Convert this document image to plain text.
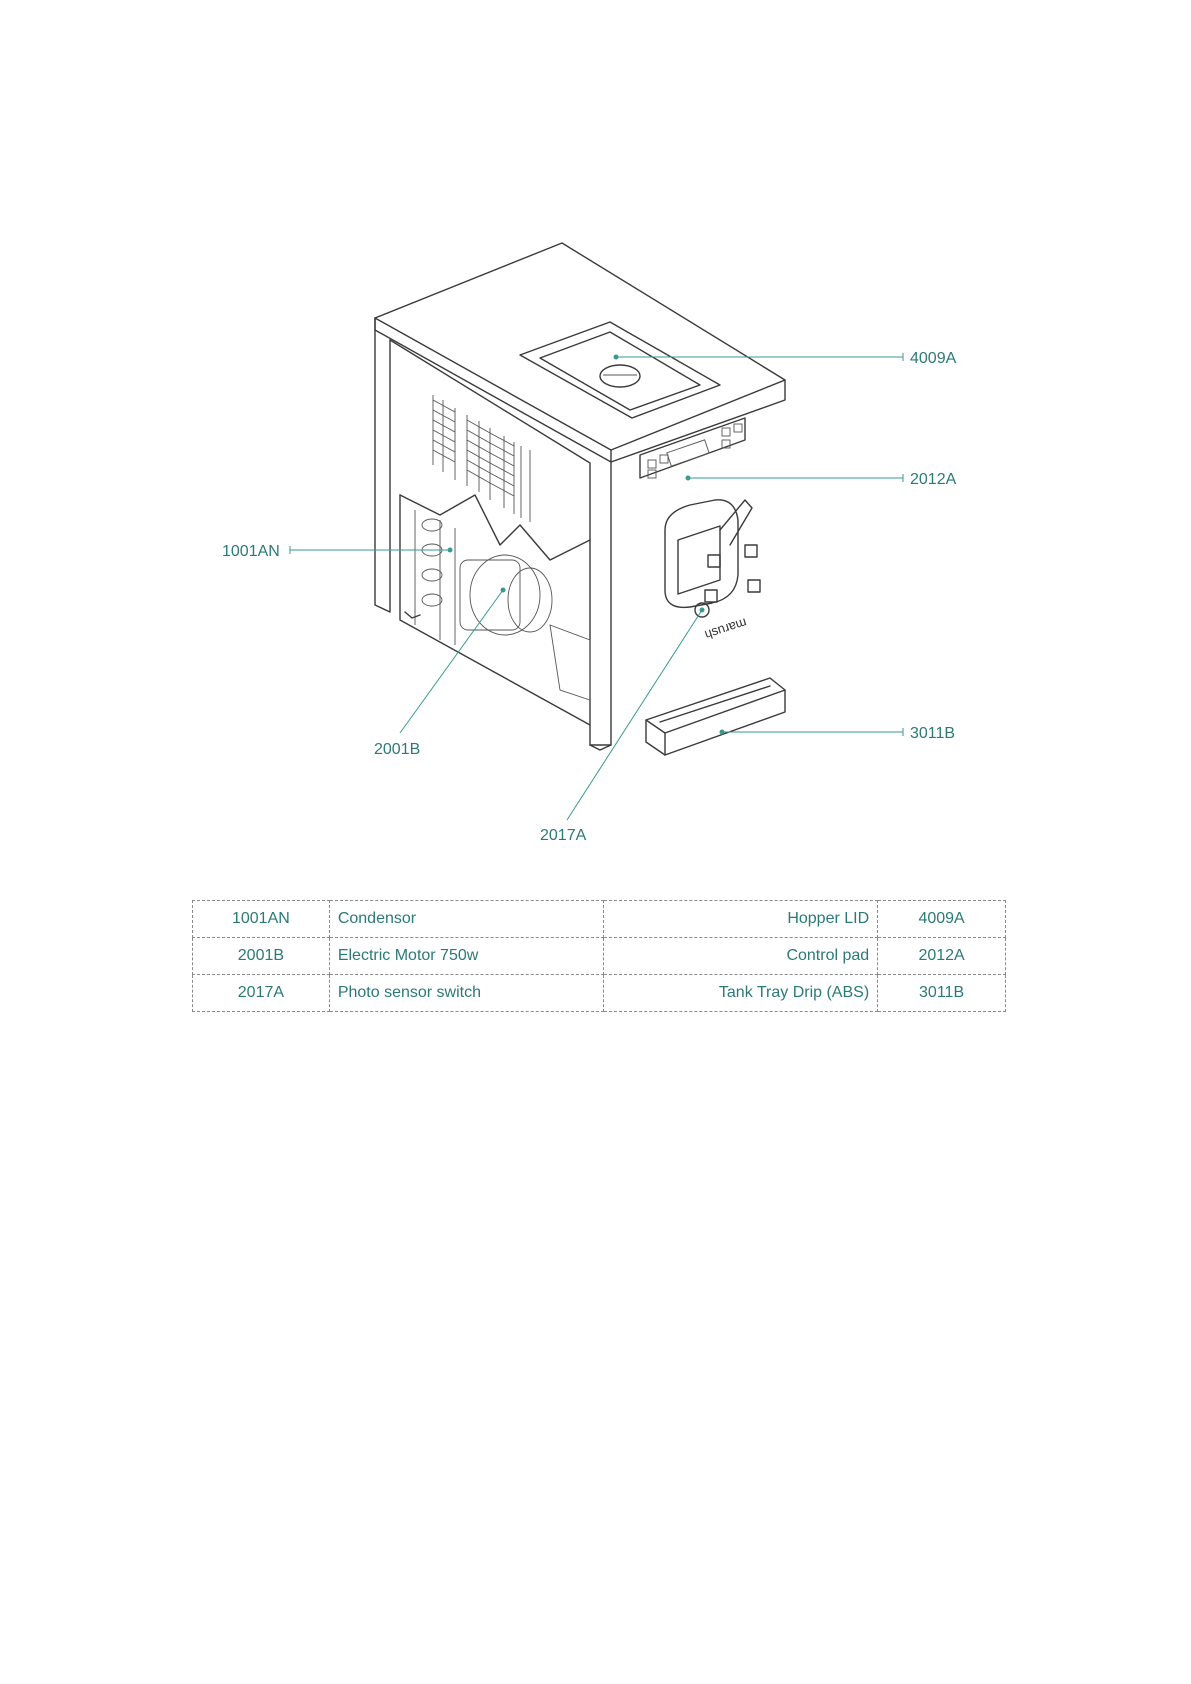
ɥsnɹɐɯ
4009A
2012A
1001AN
2001B
3011B
2017A
1001AN	Condensor	Hopper LID	4009A
2001B	Electric Motor 750w	Control pad	2012A
2017A	Photo sensor switch	Tank Tray Drip (ABS)	3011B
